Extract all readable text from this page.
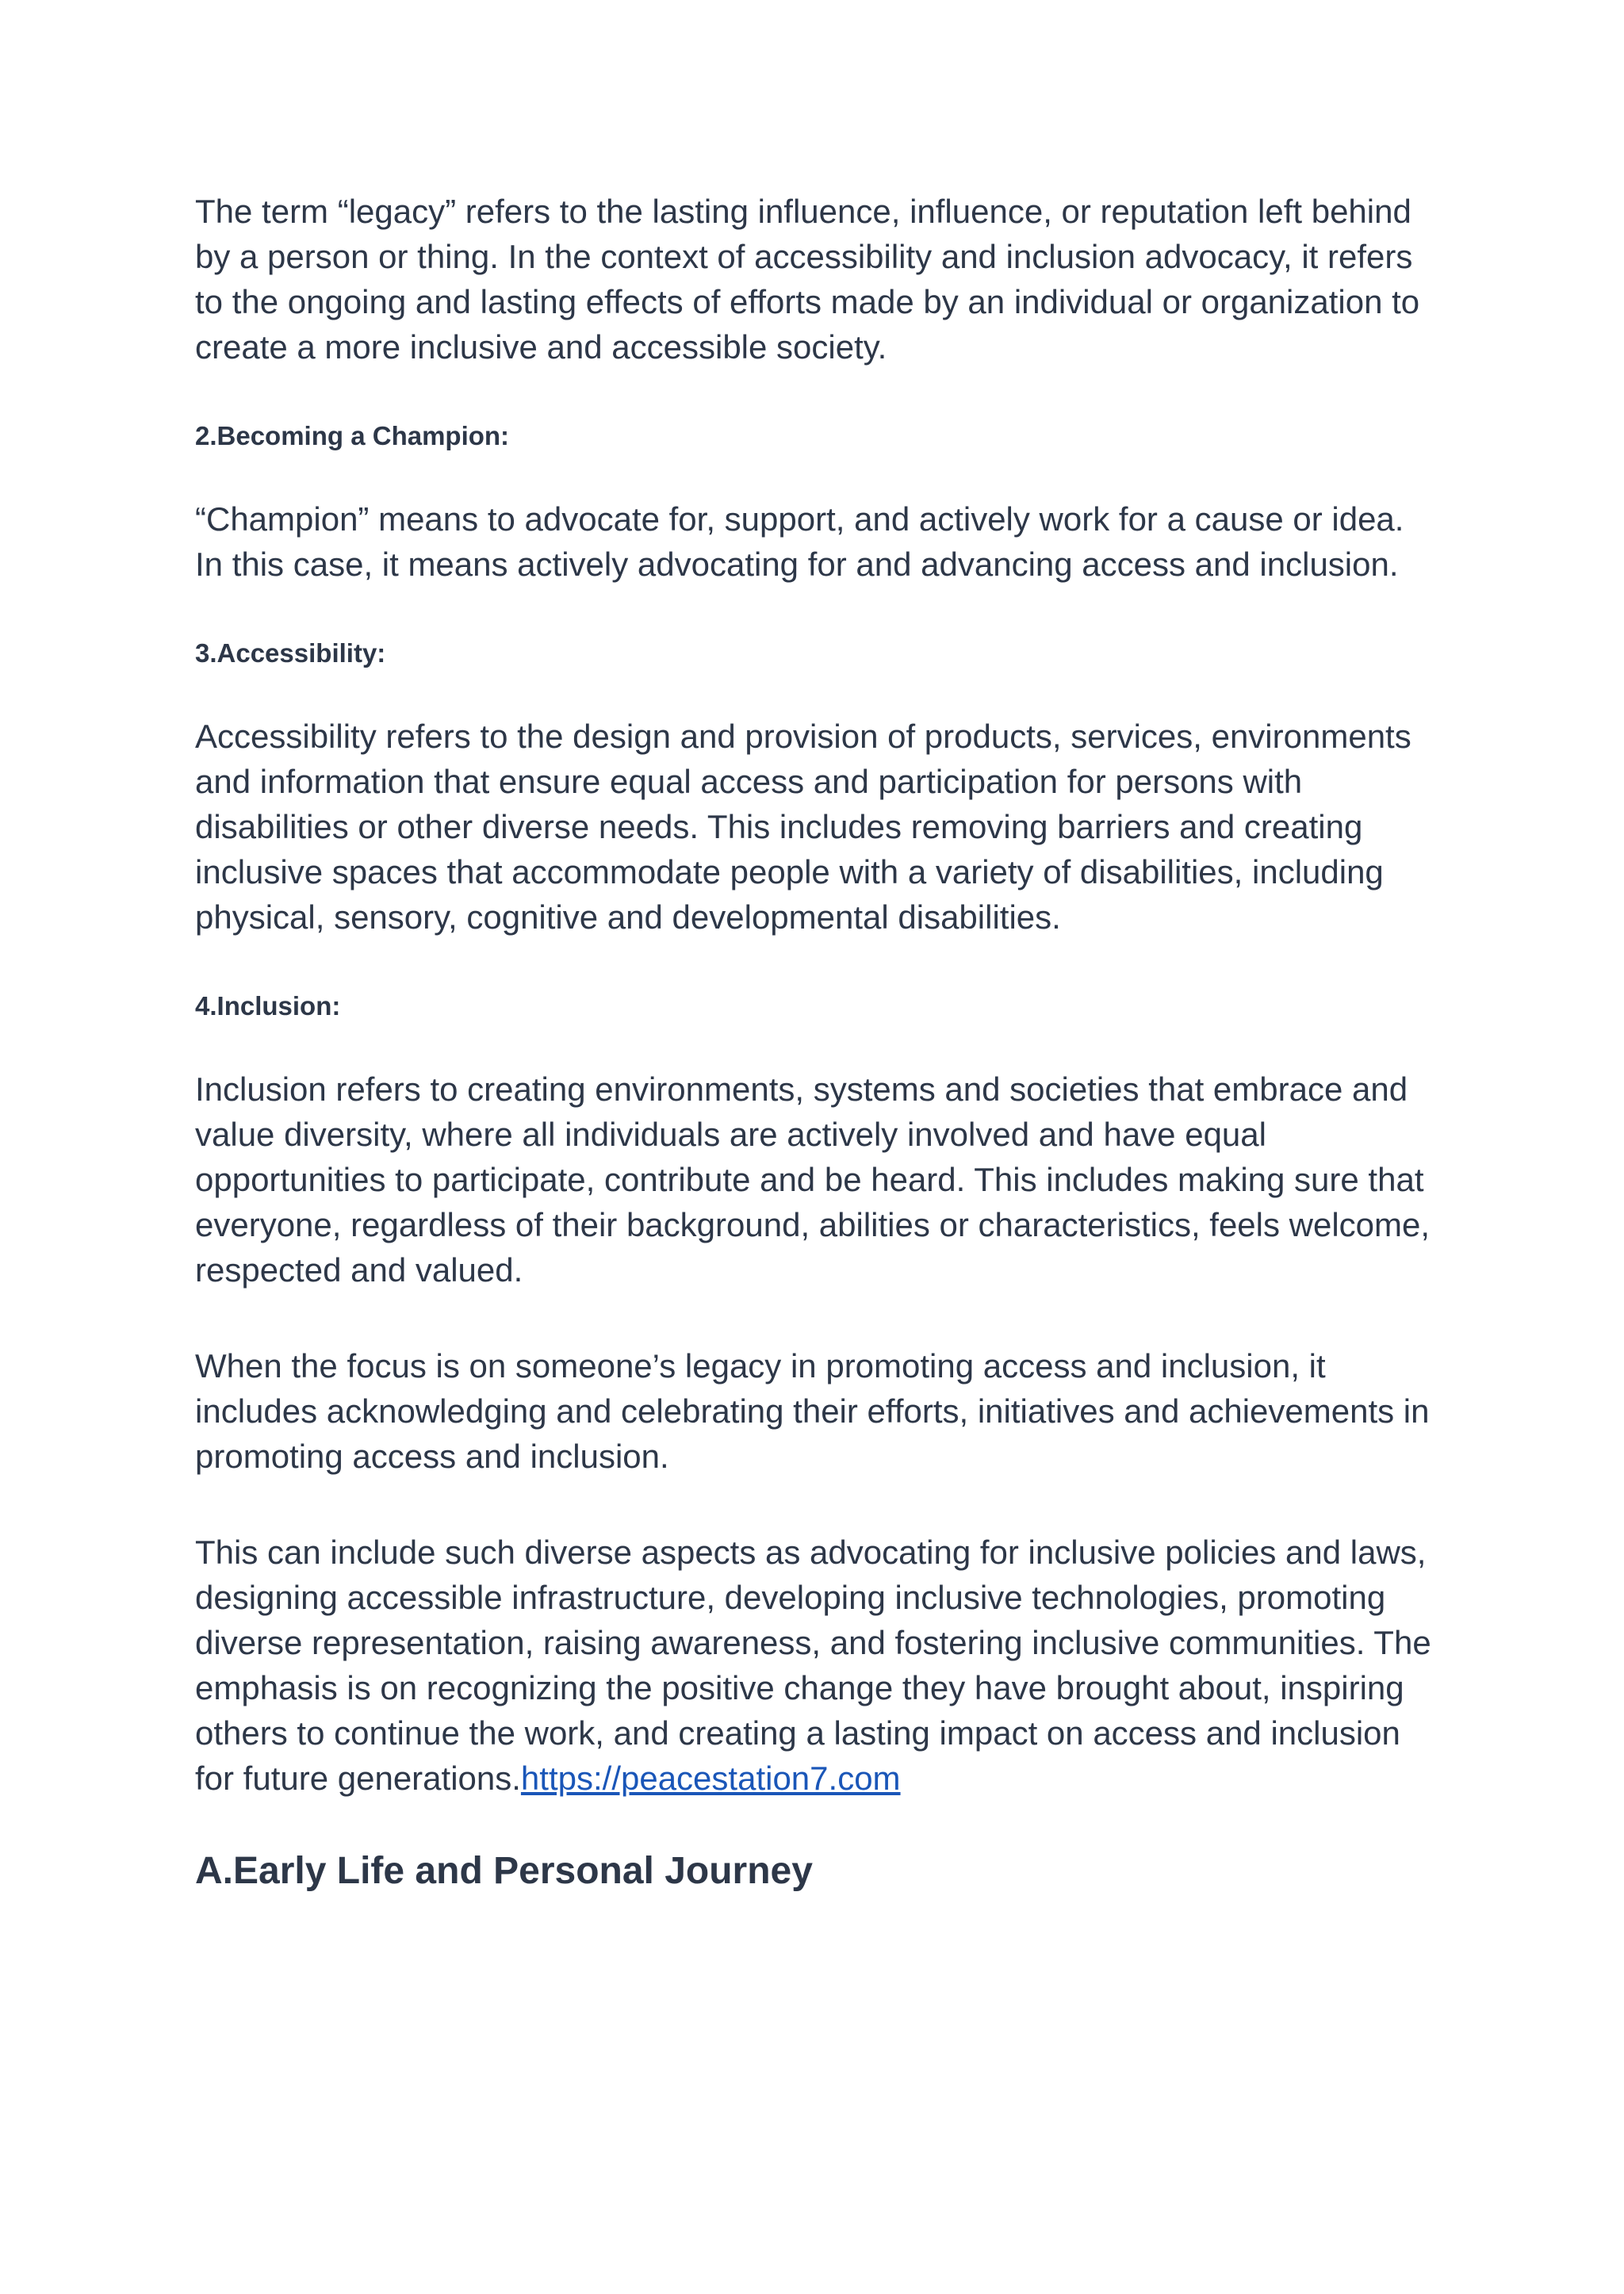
The term “legacy” refers to the lasting influence, influence, or reputation left behind by a person or thing. In the context of accessibility and inclusion advocacy, it refers to the ongoing and lasting effects of efforts made by an individual or organization to create a more inclusive and accessible society.

2.Becoming a Champion:

“Champion” means to advocate for, support, and actively work for a cause or idea. In this case, it means actively advocating for and advancing access and inclusion.

3.Accessibility:

Accessibility refers to the design and provision of products, services, environments and information that ensure equal access and participation for persons with disabilities or other diverse needs. This includes removing barriers and creating inclusive spaces that accommodate people with a variety of disabilities, including physical, sensory, cognitive and developmental disabilities.

4.Inclusion:

Inclusion refers to creating environments, systems and societies that embrace and value diversity, where all individuals are actively involved and have equal opportunities to participate, contribute and be heard. This includes making sure that everyone, regardless of their background, abilities or characteristics, feels welcome, respected and valued.

When the focus is on someone’s legacy in promoting access and inclusion, it includes acknowledging and celebrating their efforts, initiatives and achievements in promoting access and inclusion.

This can include such diverse aspects as advocating for inclusive policies and laws, designing accessible infrastructure, developing inclusive technologies, promoting diverse representation, raising awareness, and fostering inclusive communities. The emphasis is on recognizing the positive change they have brought about, inspiring others to continue the work, and creating a lasting impact on access and inclusion for future generations.https://peacestation7.com

A.Early Life and Personal Journey
